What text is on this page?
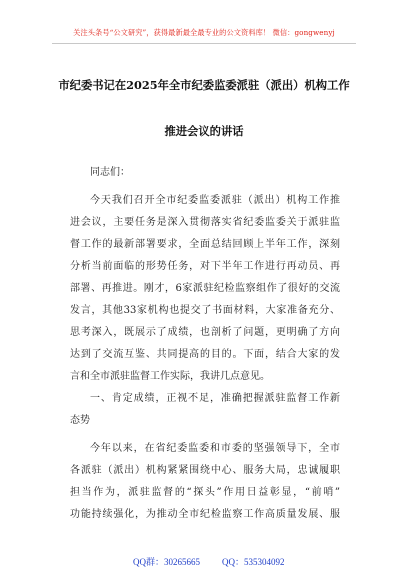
关注头条号“公文研究”，获得最新最全最专业的公文资料库！ 微信：gongwenyj
市纪委书记在2025年全市纪委监委派驻（派出）机构工作
推进会议的讲话
同志们：
今天我们召开全市纪委监委派驻（派出）机构工作推
进会议，主要任务是深入贯彻落实省纪委监委关于派驻监
督工作的最新部署要求，全面总结回顾上半年工作，深刻
分析当前面临的形势任务，对下半年工作进行再动员、再
部署、再推进。刚才，6家派驻纪检监察组作了很好的交流
发言，其他33家机构也提交了书面材料，大家准备充分、
思考深入，既展示了成绩，也剖析了问题，更明确了方向
达到了交流互鉴、共同提高的目的。下面，结合大家的发
言和全市派驻监督工作实际，我讲几点意见。
一、肯定成绩，正视不足，准确把握派驻监督工作新
态势
今年以来，在省纪委监委和市委的坚强领导下，全市
各派驻（派出）机构紧紧围绕中心、服务大局，忠诚履职
担当作为，派驻监督的“探头”作用日益彰显，“前哨”
功能持续强化，为推动全市纪检监察工作高质量发展、服
QQ群：30265665 QQ：535304092
